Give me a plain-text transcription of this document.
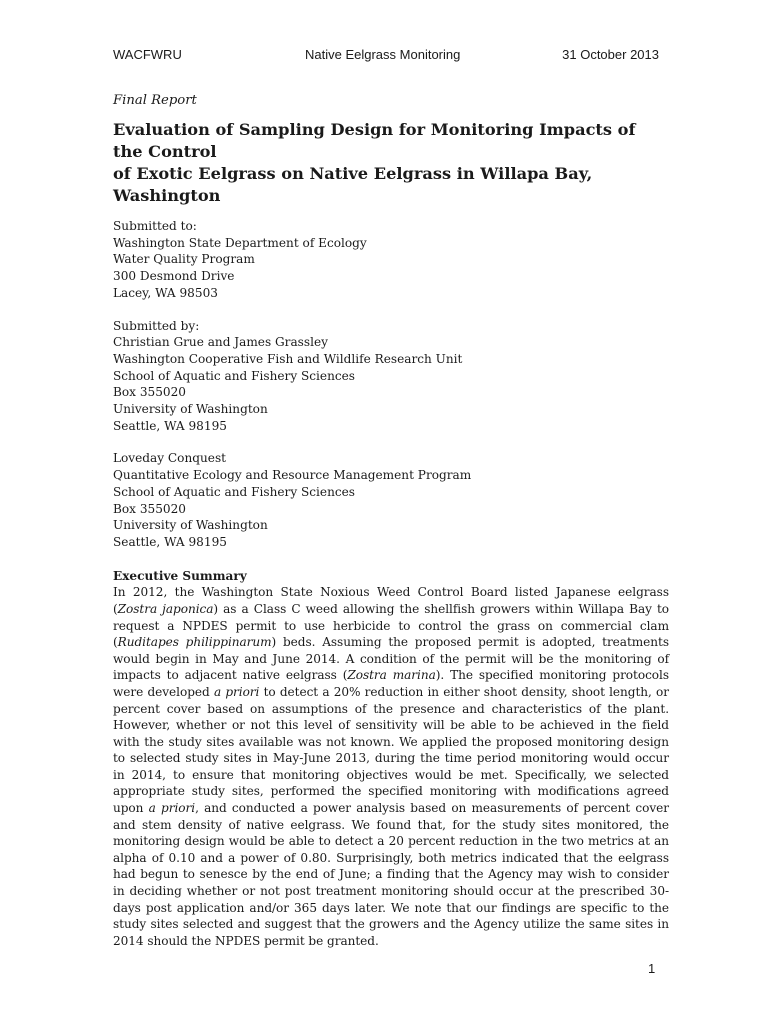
WACFWRU	Native Eelgrass Monitoring	31 October 2013

Final Report

Evaluation of Sampling Design for Monitoring Impacts of the Control
of Exotic Eelgrass on Native Eelgrass in Willapa Bay, Washington
Submitted to:
Washington State Department of Ecology
Water Quality Program
300 Desmond Drive
Lacey, WA 98503
Submitted by:
Christian Grue and James Grassley
Washington Cooperative Fish and Wildlife Research Unit
School of Aquatic and Fishery Sciences
Box 355020
University of Washington
Seattle, WA 98195
Loveday Conquest
Quantitative Ecology and Resource Management Program
School of Aquatic and Fishery Sciences
Box 355020
University of Washington
Seattle, WA 98195
Executive Summary

In 2012, the Washington State Noxious Weed Control Board listed Japanese eelgrass (Zostra japonica) as a Class C weed allowing the shellfish growers within Willapa Bay to request a NPDES permit to use herbicide to control the grass on commercial clam (Ruditapes philippinarum) beds. Assuming the proposed permit is adopted, treatments would begin in May and June 2014. A condition of the permit will be the monitoring of impacts to adjacent native eelgrass (Zostra marina). The specified monitoring protocols were developed a priori to detect a 20% reduction in either shoot density, shoot length, or percent cover based on assumptions of the presence and characteristics of the plant. However, whether or not this level of sensitivity will be able to be achieved in the field with the study sites available was not known. We applied the proposed monitoring design to selected study sites in May-June 2013, during the time period monitoring would occur in 2014, to ensure that monitoring objectives would be met. Specifically, we selected appropriate study sites, performed the specified monitoring with modifications agreed upon a priori, and conducted a power analysis based on measurements of percent cover and stem density of native eelgrass. We found that, for the study sites monitored, the monitoring design would be able to detect a 20 percent reduction in the two metrics at an alpha of 0.10 and a power of 0.80. Surprisingly, both metrics indicated that the eelgrass had begun to senesce by the end of June; a finding that the Agency may wish to consider in deciding whether or not post treatment monitoring should occur at the prescribed 30-days post application and/or 365 days later. We note that our findings are specific to the study sites selected and suggest that the growers and the Agency utilize the same sites in 2014 should the NPDES permit be granted.

1
